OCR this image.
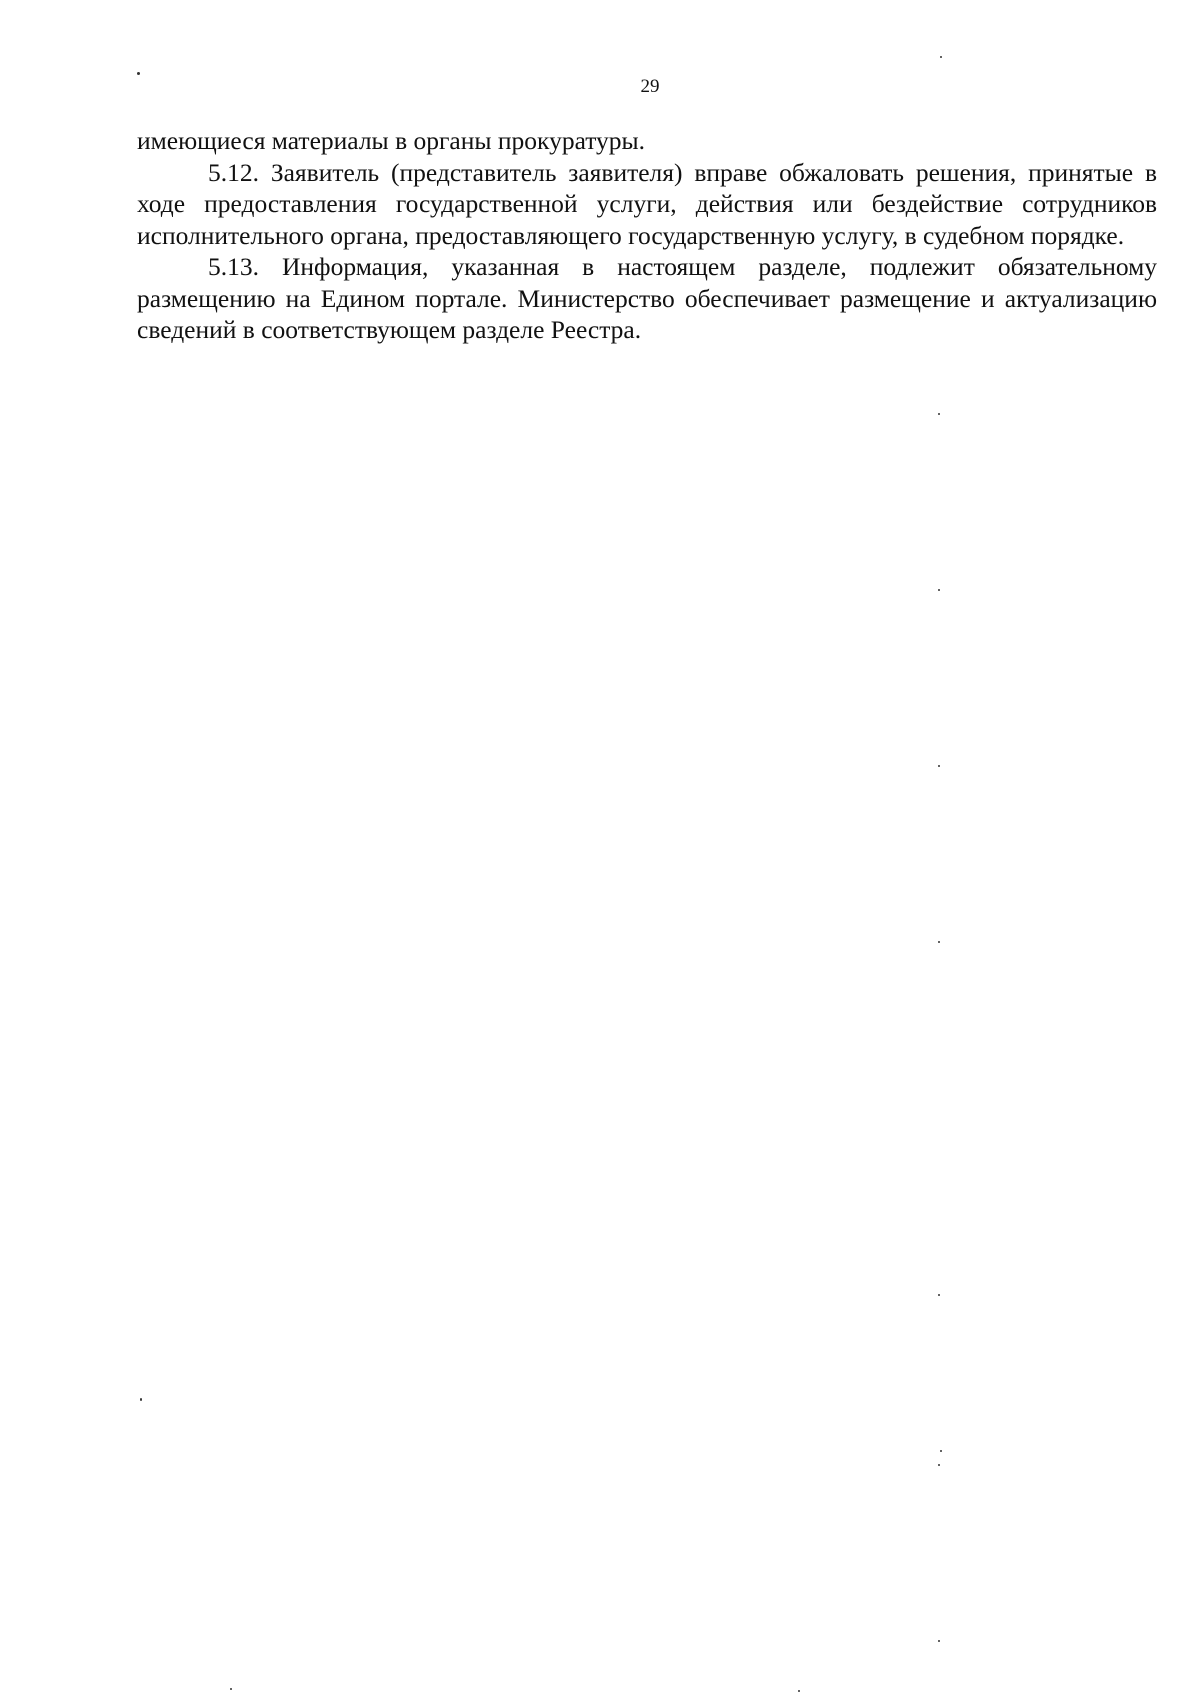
29

имеющиеся материалы в органы прокуратуры.

5.12. Заявитель (представитель заявителя) вправе обжаловать решения, принятые в ходе предоставления государственной услуги, действия или бездействие сотрудников исполнительного органа, предоставляющего государственную услугу, в судебном порядке.

5.13. Информация, указанная в настоящем разделе, подлежит обязательному размещению на Едином портале. Министерство обеспечивает размещение и актуализацию сведений в соответствующем разделе Реестра.
